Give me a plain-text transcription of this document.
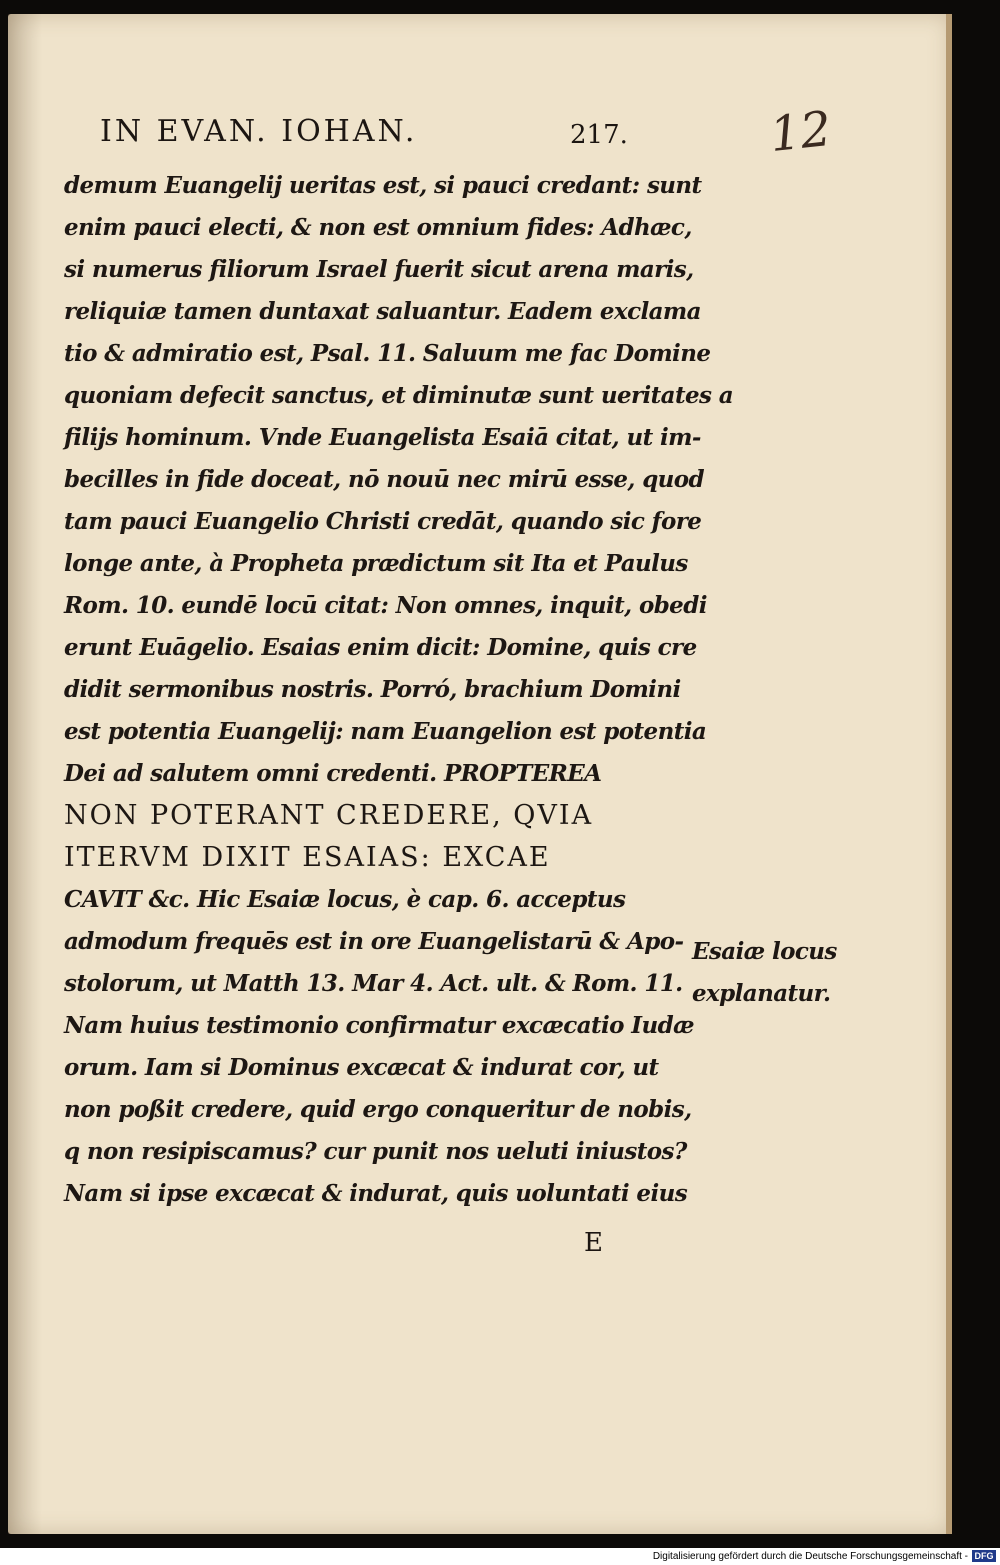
IN EVAN. IOHAN.	217.	12
demum Euangelij ueritas est, si pauci credant: sunt
enim pauci electi, & non est omnium fides: Adhæc,
si numerus filiorum Israel fuerit sicut arena maris,
reliquiæ tamen duntaxat saluantur. Eadem exclama
tio & admiratio est, Psal. 11. Saluum me fac Domine
quoniam defecit sanctus, et diminutæ sunt ueritates a
filijs hominum. Vnde Euangelista Esaiā citat, ut im-
becilles in fide doceat, nō nouū nec mirū esse, quod
tam pauci Euangelio Christi credāt, quando sic fore
longe ante, à Propheta prædictum sit Ita et Paulus
Rom. 10. eundē locū citat: Non omnes, inquit, obedi
erunt Euāgelio. Esaias enim dicit: Domine, quis cre
didit sermonibus nostris. Porró, brachium Domini
est potentia Euangelij: nam Euangelion est potentia
Dei ad salutem omni credenti. PROPTEREA
NON POTERANT CREDERE, QVIA
ITERVM DIXIT ESAIAS: EXCAE
CAVIT &c. Hic Esaiæ locus, è cap. 6. acceptus
admodum frequēs est in ore Euangelistarū & Apo-
stolorum, ut Matth 13. Mar 4. Act. ult. & Rom. 11.
Nam huius testimonio confirmatur excæcatio Iudæ
orum. Iam si Dominus excæcat & indurat cor, ut
non poßit credere, quid ergo conqueritur de nobis,
q non resipiscamus? cur punit nos ueluti iniustos?
Nam si ipse excæcat & indurat, quis uoluntati eius
Esaiæ locus
explanatur.
E
Digitalisierung gefördert durch die Deutsche Forschungsgemeinschaft - DFG
